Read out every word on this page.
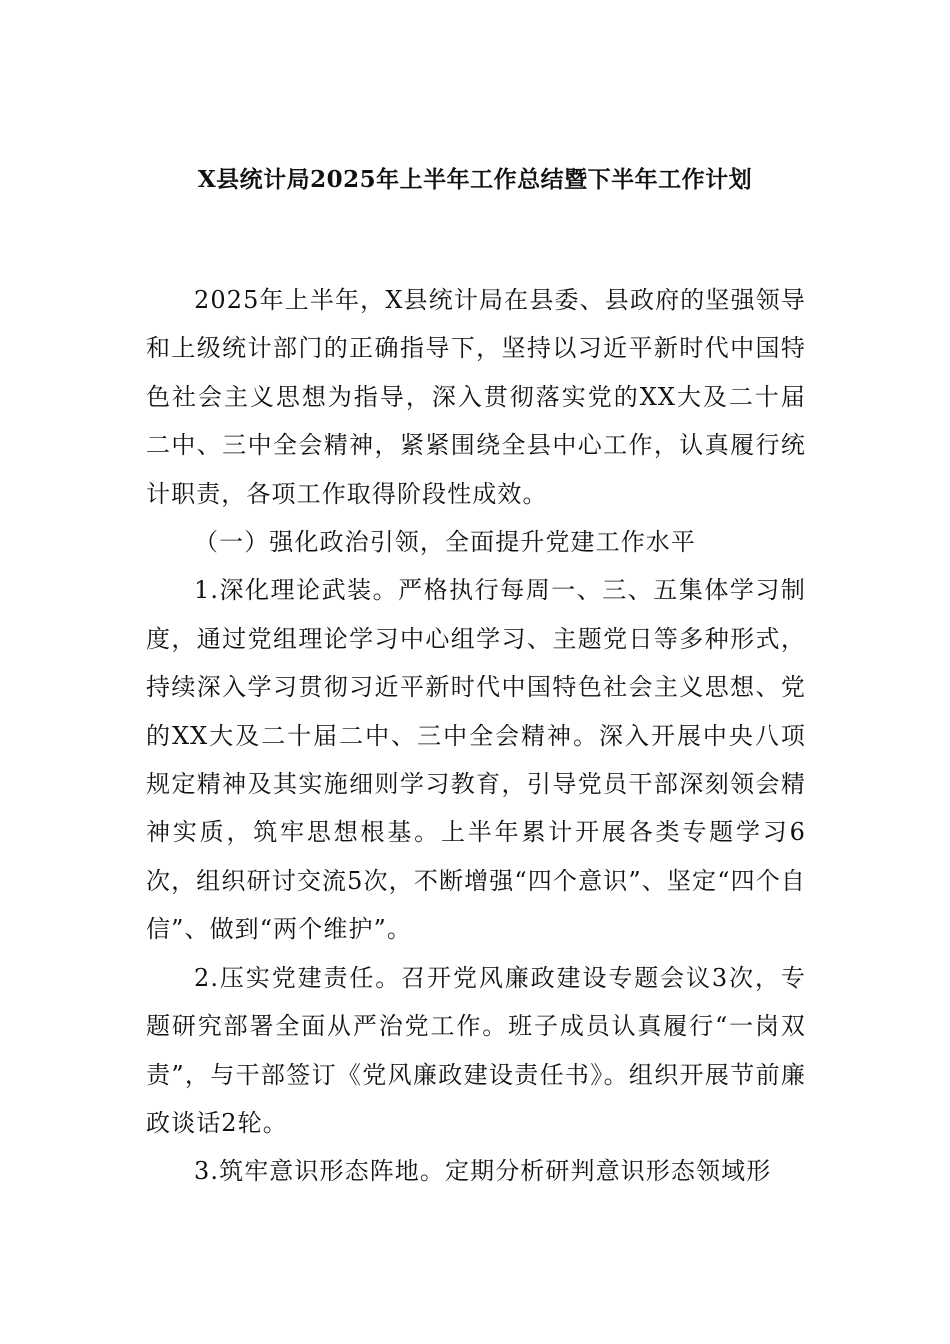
X县统计局2025年上半年工作总结暨下半年工作计划

2025年上半年，X县统计局在县委、县政府的坚强领导和上级统计部门的正确指导下，坚持以习近平新时代中国特色社会主义思想为指导，深入贯彻落实党的XX大及二十届二中、三中全会精神，紧紧围绕全县中心工作，认真履行统计职责，各项工作取得阶段性成效。

（一）强化政治引领，全面提升党建工作水平

1.深化理论武装。严格执行每周一、三、五集体学习制度，通过党组理论学习中心组学习、主题党日等多种形式，持续深入学习贯彻习近平新时代中国特色社会主义思想、党的XX大及二十届二中、三中全会精神。深入开展中央八项规定精神及其实施细则学习教育，引导党员干部深刻领会精神实质，筑牢思想根基。上半年累计开展各类专题学习6次，组织研讨交流5次，不断增强“四个意识”、坚定“四个自信”、做到“两个维护”。

2.压实党建责任。召开党风廉政建设专题会议3次，专题研究部署全面从严治党工作。班子成员认真履行“一岗双责”，与干部签订《党风廉政建设责任书》。组织开展节前廉政谈话2轮。

3.筑牢意识形态阵地。定期分析研判意识形态领域形
